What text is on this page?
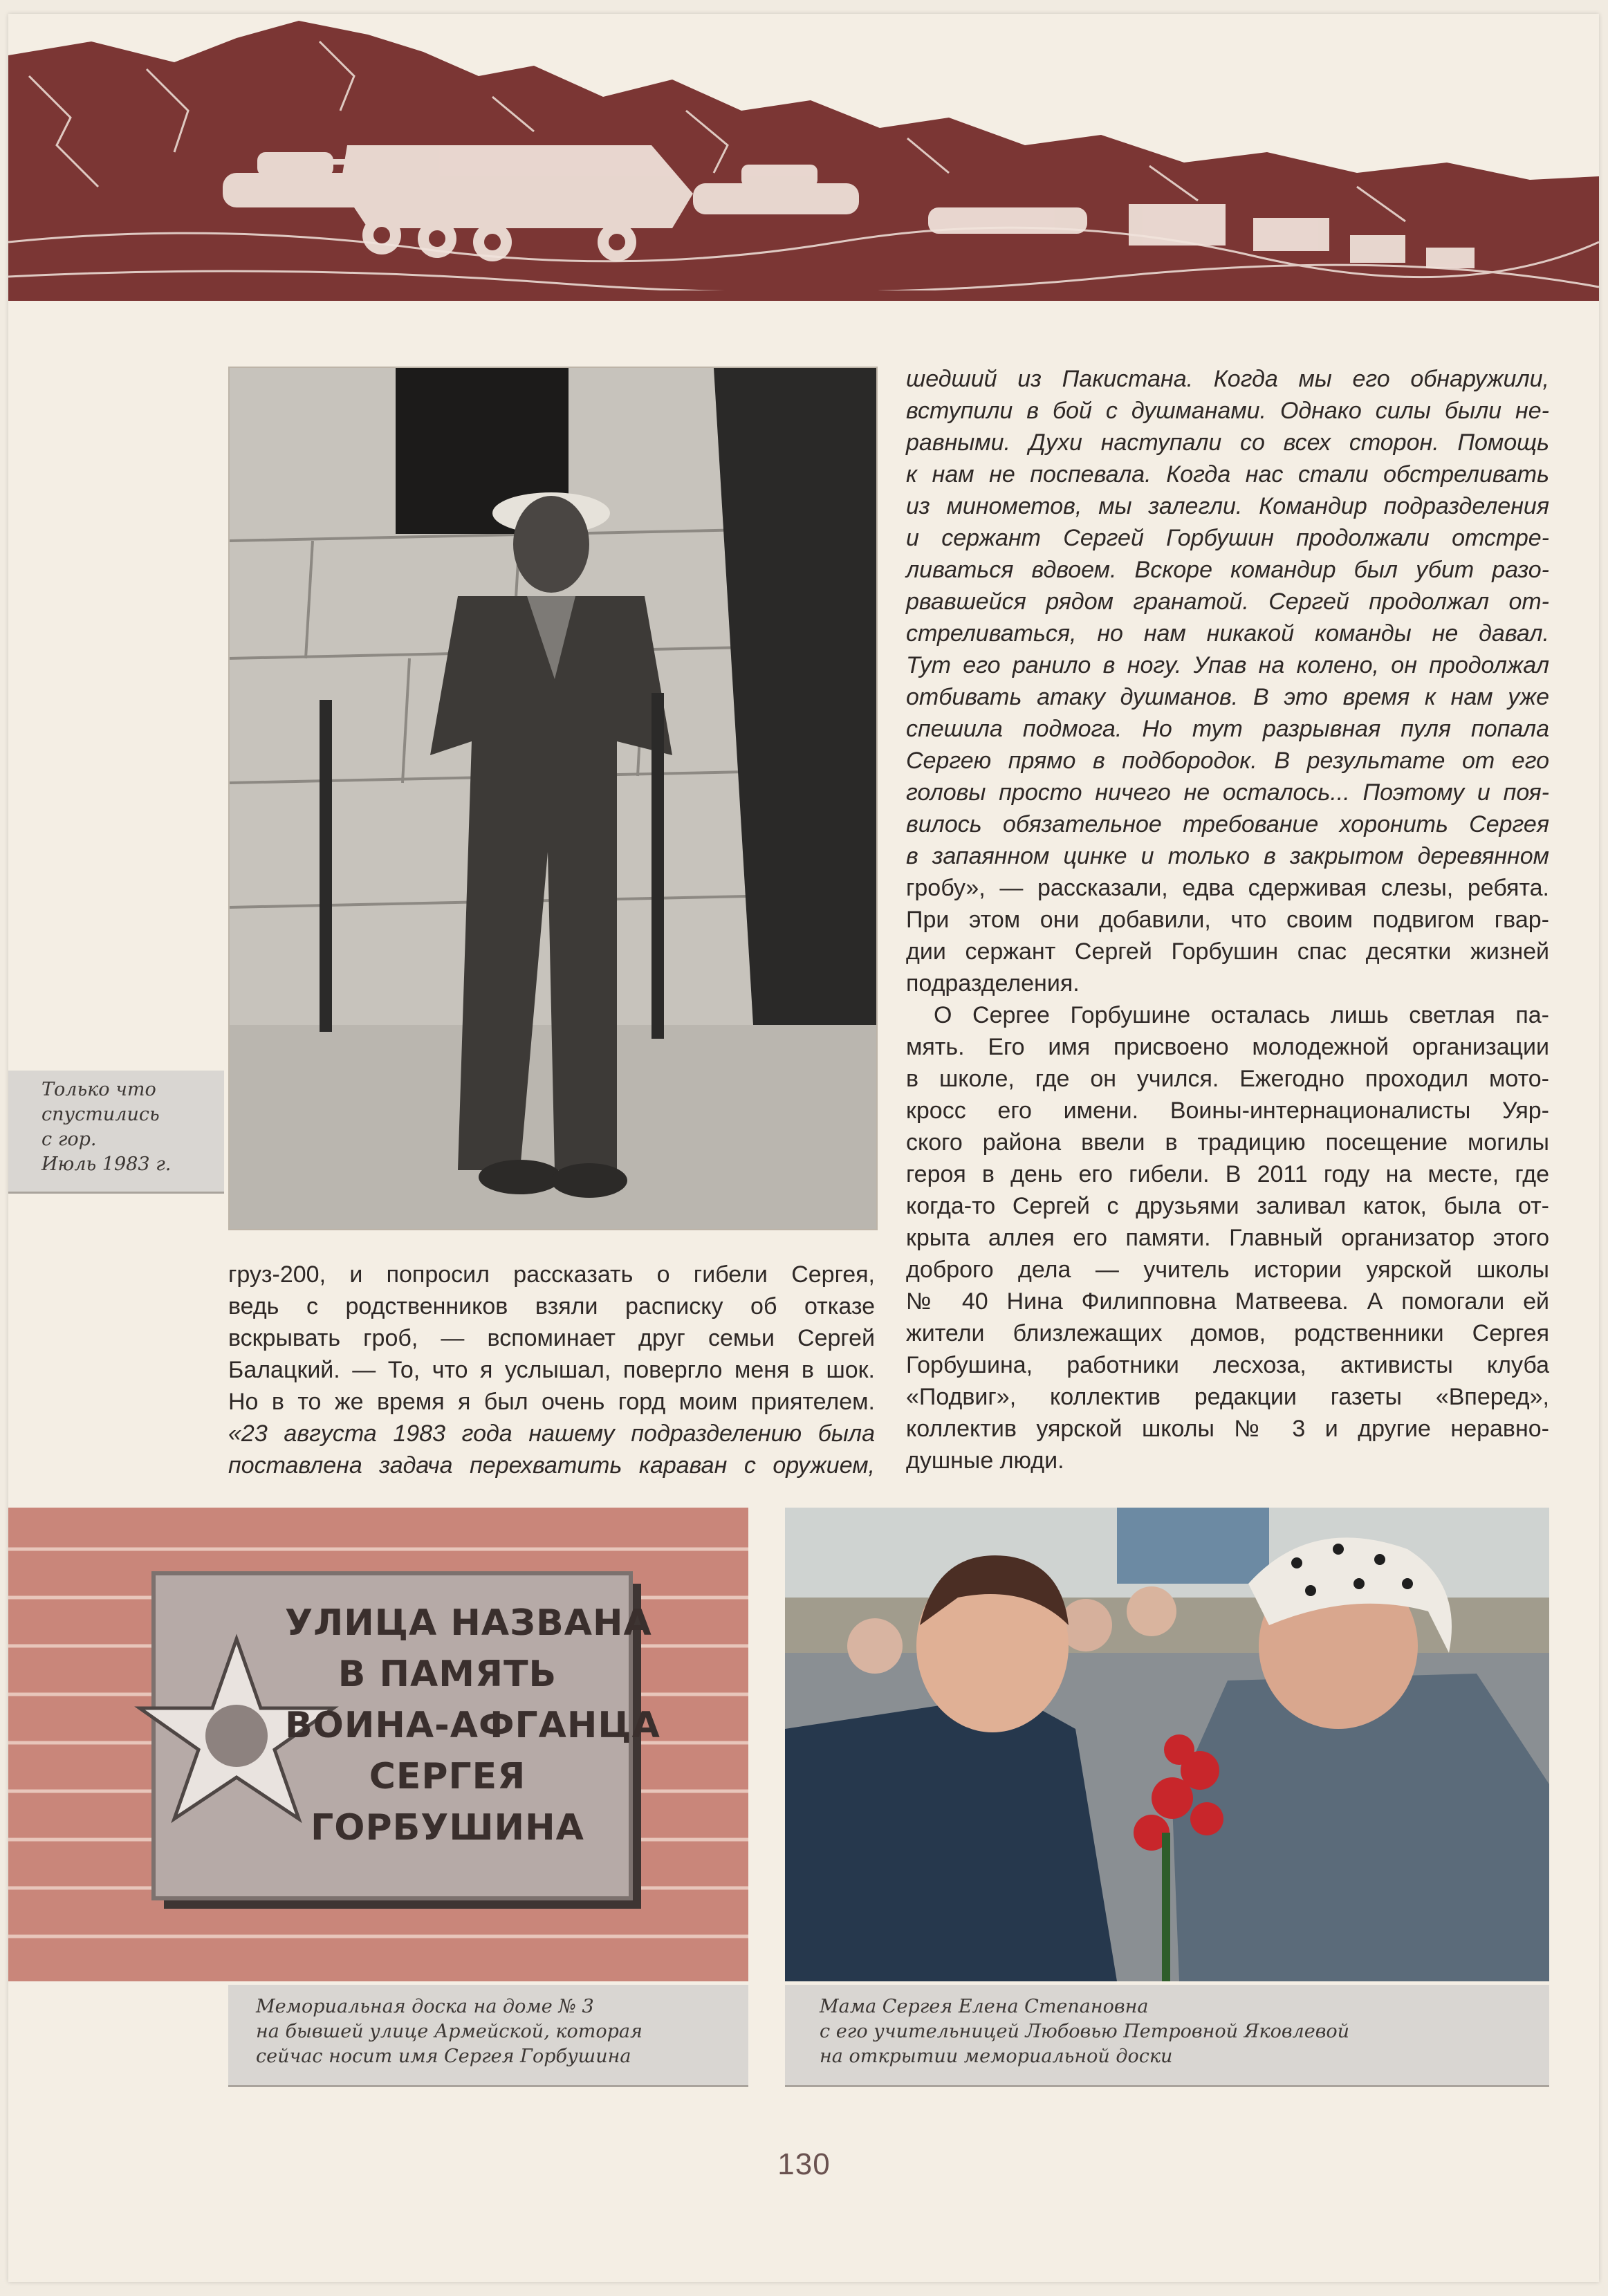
Только что
спустились
с гор.
Июль 1983 г.
шедший из Пакистана. Когда мы его обнаружили,
вступили в бой с душманами. Однако силы были не-
равными. Духи наступали со всех сторон. Помощь
к нам не поспевала. Когда нас стали обстреливать
из минометов, мы залегли. Командир подразделения
и сержант Сергей Горбушин продолжали отстре-
ливаться вдвоем. Вскоре командир был убит разо-
рвавшейся рядом гранатой. Сергей продолжал от-
стреливаться, но нам никакой команды не давал.
Тут его ранило в ногу. Упав на колено, он продолжал
отбивать атаку душманов. В это время к нам уже
спешила подмога. Но тут разрывная пуля попала
Сергею прямо в подбородок. В результате от его
головы просто ничего не осталось... Поэтому и поя-
вилось обязательное требование хоронить Сергея
в запаянном цинке и только в закрытом деревянном
гробу», — рассказали, едва сдерживая слезы, ребята.
При этом они добавили, что своим подвигом гвар-
дии сержант Сергей Горбушин спас десятки жизней
подразделения.
О Сергее Горбушине осталась лишь светлая па-
мять. Его имя присвоено молодежной организации
в школе, где он учился. Ежегодно проходил мото-
кросс его имени. Воины-интернационалисты Уяр-
ского района ввели в традицию посещение могилы
героя в день его гибели. В 2011 году на месте, где
когда-то Сергей с друзьями заливал каток, была от-
крыта аллея его памяти. Главный организатор этого
доброго дела — учитель истории уярской школы
№ 40 Нина Филипповна Матвеева. А помогали ей
жители близлежащих домов, родственники Сергея
Горбушина, работники лесхоза, активисты клуба
«Подвиг», коллектив редакции газеты «Вперед»,
коллектив уярской школы № 3 и другие неравно-
душные люди.
груз-200, и попросил рассказать о гибели Сергея,
ведь с родственников взяли расписку об отказе
вскрывать гроб, — вспоминает друг семьи Сергей
Балацкий. — То, что я услышал, повергло меня в шок.
Но в то же время я был очень горд моим приятелем.
«23 августа 1983 года нашему подразделению была
поставлена задача перехватить караван с оружием,
УЛИЦА НАЗВАНА
В ПАМЯТЬ
ВОИНА-АФГАНЦА
СЕРГЕЯ
ГОРБУШИНА
Мемориальная доска на доме № 3
на бывшей улице Армейской, которая
сейчас носит имя Сергея Горбушина
Мама Сергея Елена Степановна
с его учительницей Любовью Петровной Яковлевой
на открытии мемориальной доски
130
